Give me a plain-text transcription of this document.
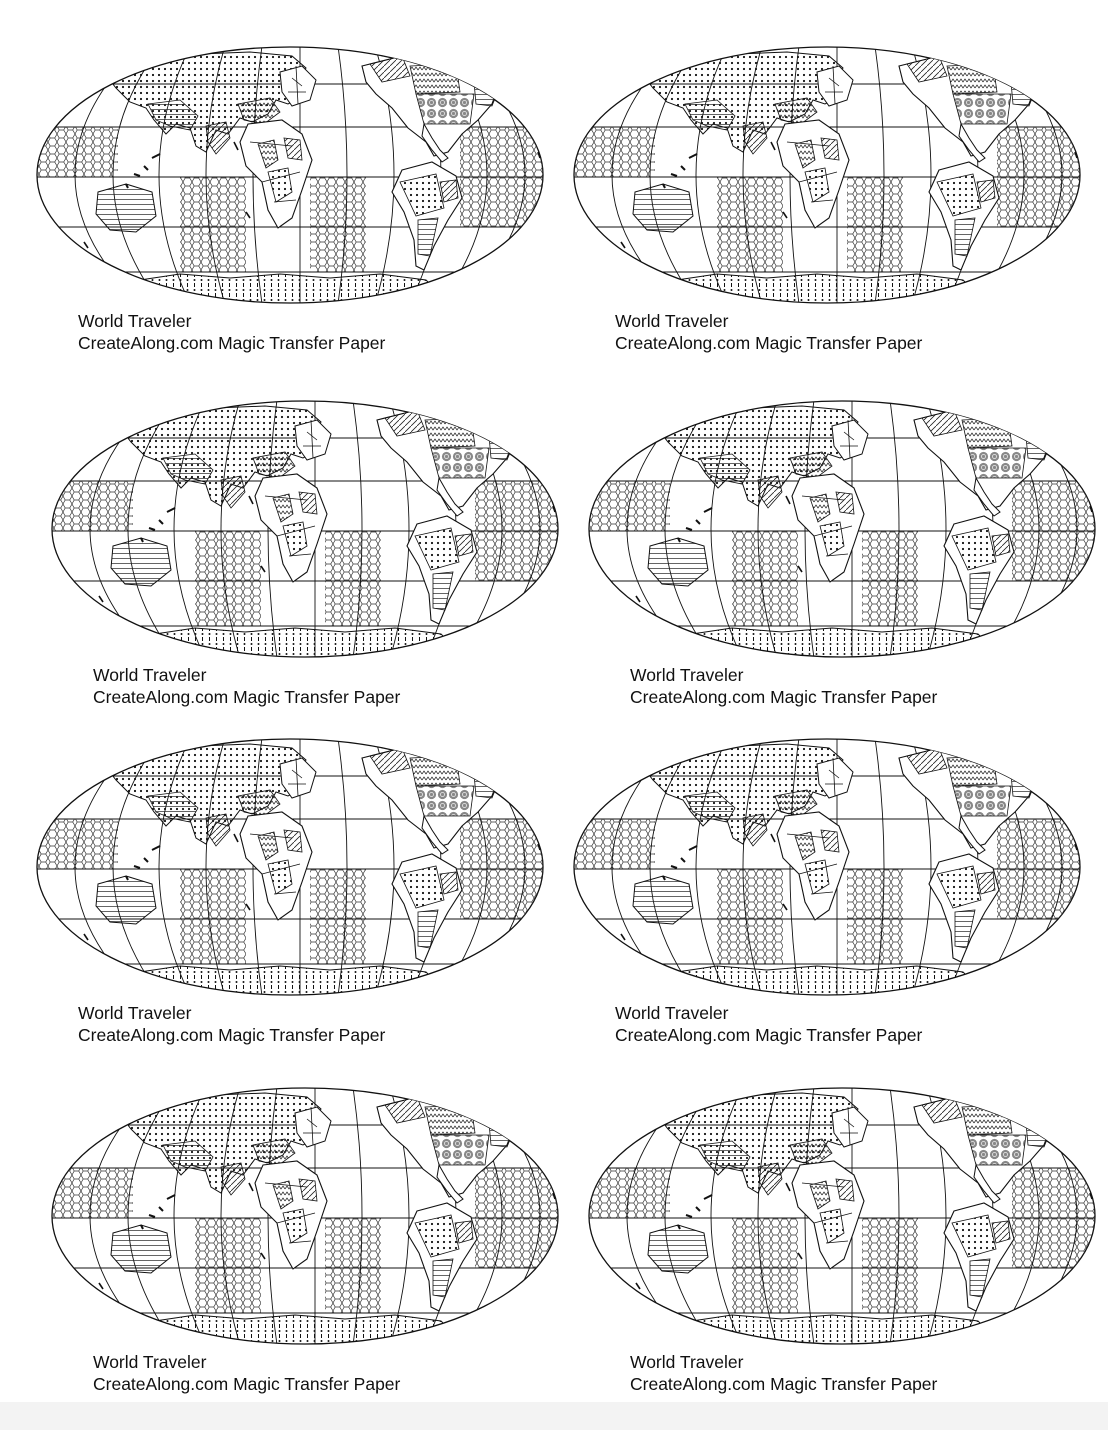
World Traveler
CreateAlong.com Magic Transfer Paper
World Traveler
CreateAlong.com Magic Transfer Paper
World Traveler
CreateAlong.com Magic Transfer Paper
World Traveler
CreateAlong.com Magic Transfer Paper
World Traveler
CreateAlong.com Magic Transfer Paper
World Traveler
CreateAlong.com Magic Transfer Paper
World Traveler
CreateAlong.com Magic Transfer Paper
World Traveler
CreateAlong.com Magic Transfer Paper
